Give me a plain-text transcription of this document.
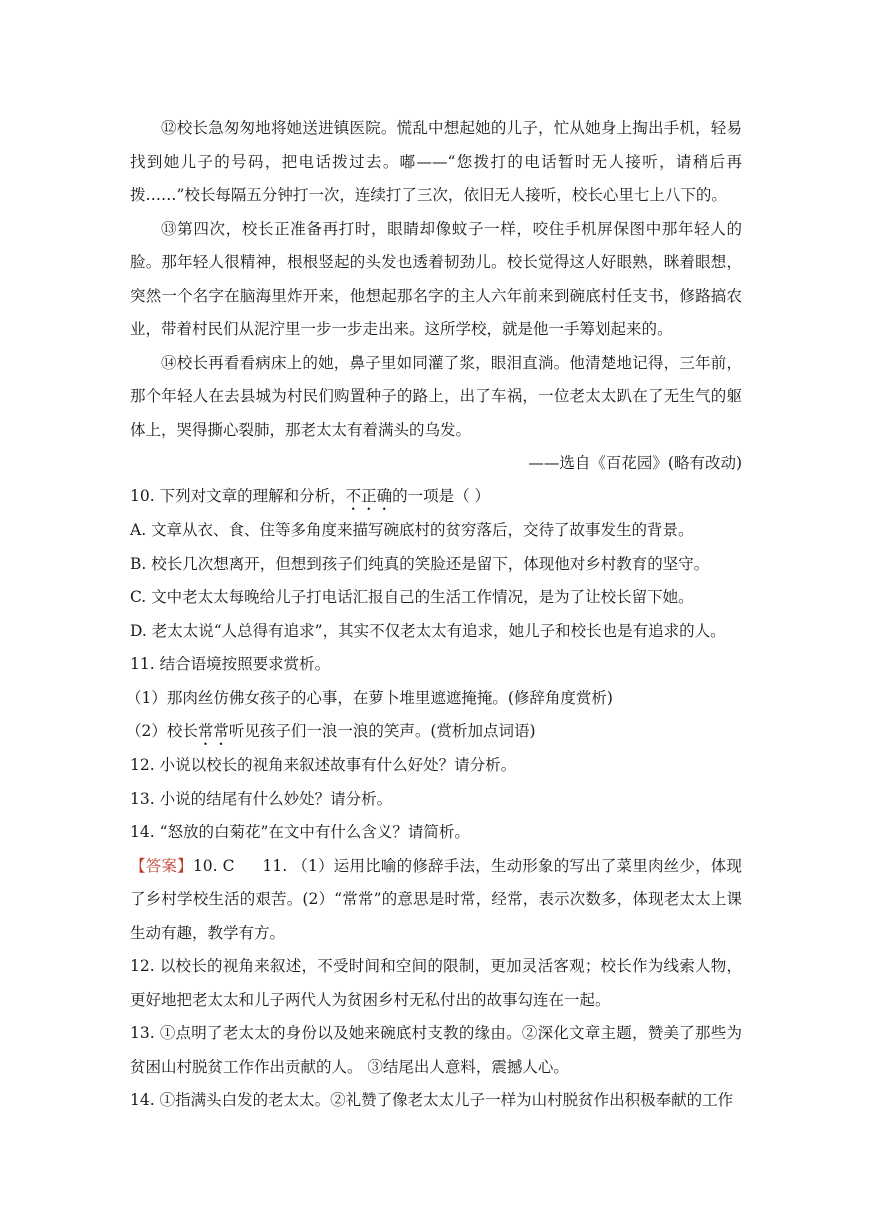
⑫校长急匆匆地将她送进镇医院。慌乱中想起她的儿子，忙从她身上掏出手机，轻易找到她儿子的号码，把电话拨过去。嘟——“您拨打的电话暂时无人接听，请稍后再拨……”校长每隔五分钟打一次，连续打了三次，依旧无人接听，校长心里七上八下的。

⑬第四次，校长正准备再打时，眼睛却像蚊子一样，咬住手机屏保图中那年轻人的脸。那年轻人很精神，根根竖起的头发也透着韧劲儿。校长觉得这人好眼熟，眯着眼想，突然一个名字在脑海里炸开来，他想起那名字的主人六年前来到碗底村任支书，修路搞农业，带着村民们从泥泞里一步一步走出来。这所学校，就是他一手筹划起来的。

⑭校长再看看病床上的她，鼻子里如同灌了浆，眼泪直淌。他清楚地记得，三年前，那个年轻人在去县城为村民们购置种子的路上，出了车祸，一位老太太趴在了无生气的躯体上，哭得撕心裂肺，那老太太有着满头的乌发。

——选自《百花园》(略有改动)

10. 下列对文章的理解和分析，不正确的一项是（ ）

A. 文章从衣、食、住等多角度来描写碗底村的贫穷落后，交待了故事发生的背景。

B. 校长几次想离开，但想到孩子们纯真的笑脸还是留下，体现他对乡村教育的坚守。

C. 文中老太太每晚给儿子打电话汇报自己的生活工作情况，是为了让校长留下她。

D. 老太太说“人总得有追求”，其实不仅老太太有追求，她儿子和校长也是有追求的人。

11. 结合语境按照要求赏析。

（1）那肉丝仿佛女孩子的心事，在萝卜堆里遮遮掩掩。(修辞角度赏析)

（2）校长常常听见孩子们一浪一浪的笑声。(赏析加点词语)

12. 小说以校长的视角来叙述故事有什么好处？请分析。

13. 小说的结尾有什么妙处？请分析。

14. “怒放的白菊花”在文中有什么含义？请简析。

【答案】10. C 11. （1）运用比喻的修辞手法，生动形象的写出了菜里肉丝少，体现了乡村学校生活的艰苦。(2）“常常”的意思是时常，经常，表示次数多，体现老太太上课生动有趣，教学有方。

12. 以校长的视角来叙述，不受时间和空间的限制，更加灵活客观；校长作为线索人物，更好地把老太太和儿子两代人为贫困乡村无私付出的故事勾连在一起。

13. ①点明了老太太的身份以及她来碗底村支教的缘由。②深化文章主题，赞美了那些为贫困山村脱贫工作作出贡献的人。 ③结尾出人意料，震撼人心。

14. ①指满头白发的老太太。②礼赞了像老太太儿子一样为山村脱贫作出积极奉献的工作
